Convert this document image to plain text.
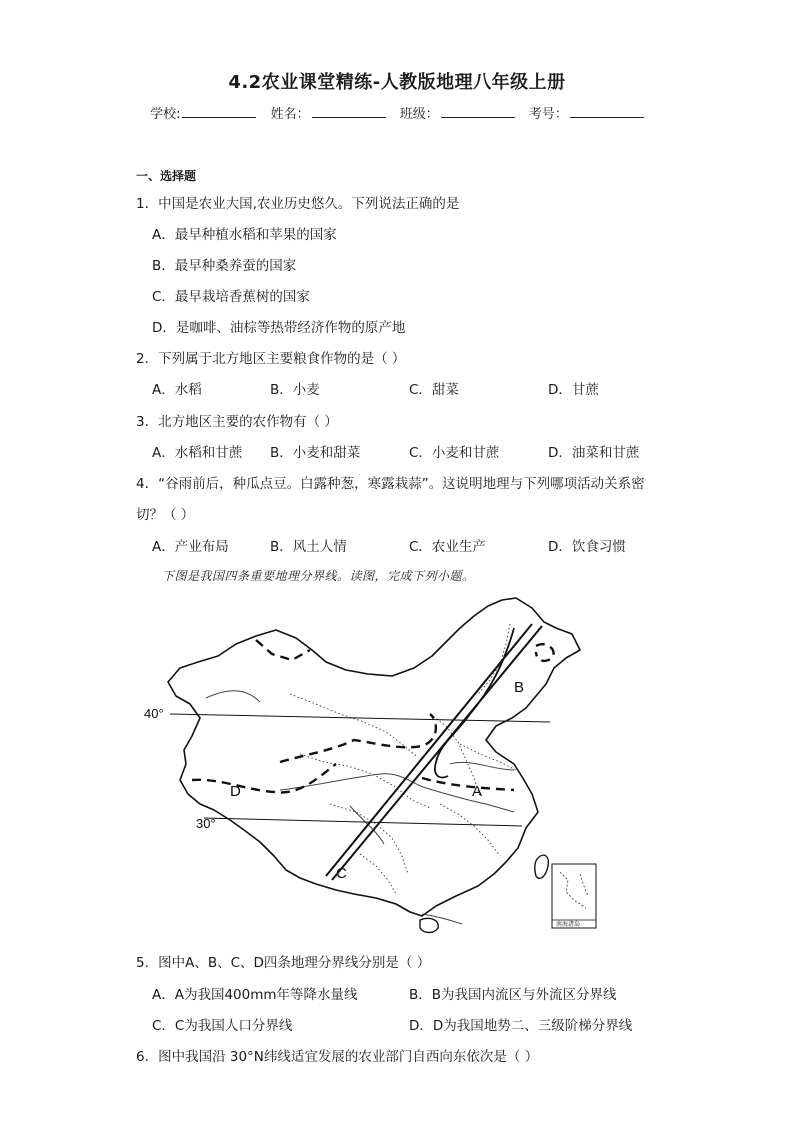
4.2农业课堂精练-人教版地理八年级上册
学校:	姓名：	班级：	考号：
一、选择题
1．中国是农业大国,农业历史悠久。下列说法正确的是
A．最早种植水稻和苹果的国家
B．最早种桑养蚕的国家
C．最早栽培香蕉树的国家
D．是咖啡、油棕等热带经济作物的原产地
2．下列属于北方地区主要粮食作物的是（ ）
A．水稻	B．小麦	C．甜菜	D．甘蔗
3．北方地区主要的农作物有（ ）
A．水稻和甘蔗 B．小麦和甜菜	C．小麦和甘蔗	D．油菜和甘蔗
4．“谷雨前后，种瓜点豆。白露种葱，寒露栽蒜”。这说明地理与下列哪项活动关系密
切？（ ）
A．产业布局	B．风土人情	C．农业生产	D．饮食习惯
下图是我国四条重要地理分界线。读图，完成下列小题。
南海诸岛
40°
30°
A
B
C
D
5．图中A、B、C、D四条地理分界线分别是（ ）
A．A为我国400mm年等降水量线	B．B为我国内流区与外流区分界线
C．C为我国人口分界线	D．D为我国地势二、三级阶梯分界线
6．图中我国沿 30°N纬线适宜发展的农业部门自西向东依次是（ ）
